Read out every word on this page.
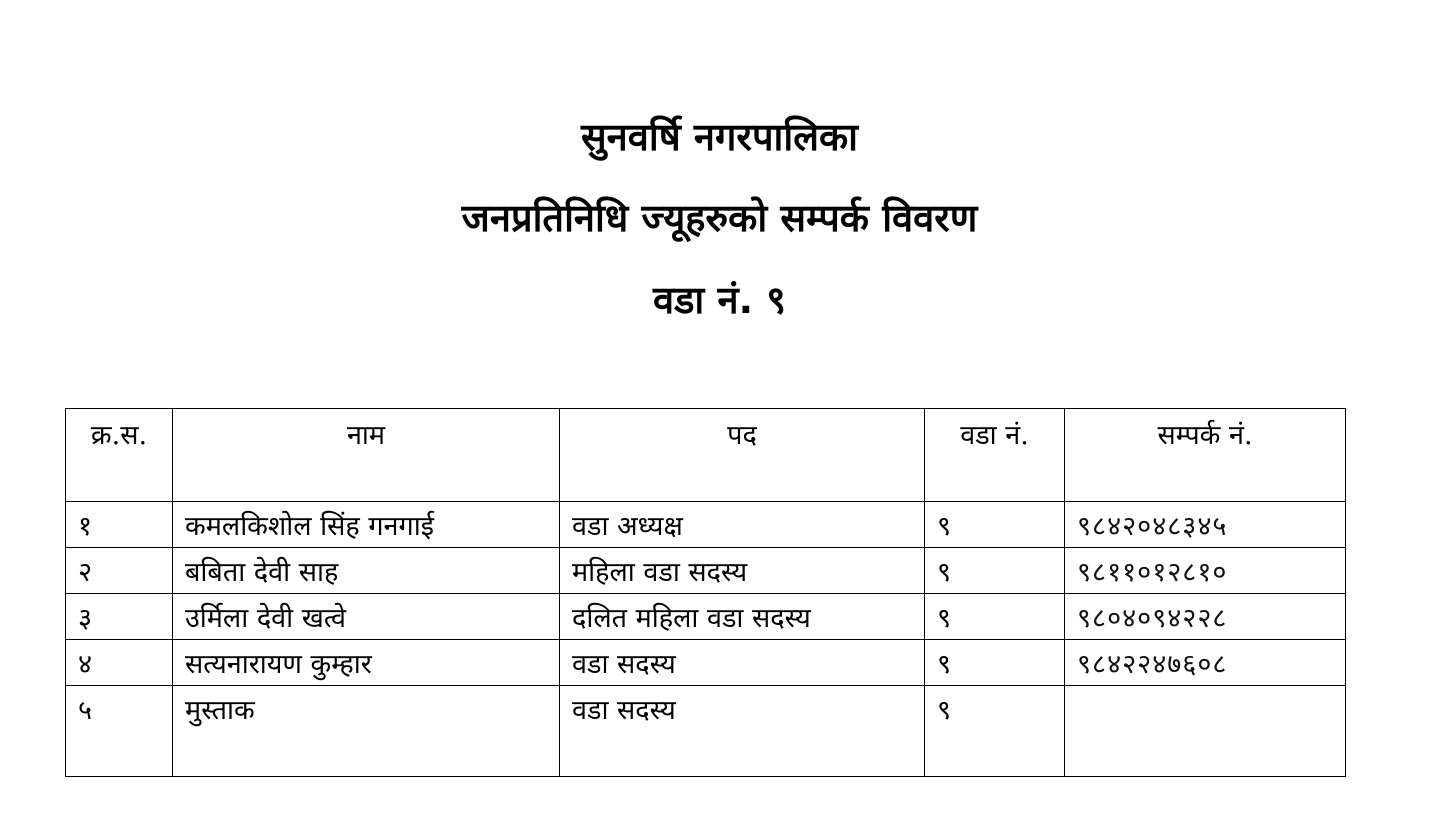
सुनवर्षि नगरपालिका
जनप्रतिनिधि ज्यूहरुको सम्पर्क विवरण
वडा नं. ९
क्र.स.	नाम	पद	वडा नं.	सम्पर्क नं.
१	कमलकिशोल सिंह गनगाई	वडा अध्यक्ष	९	९८४२०४८३४५
२	बबिता देवी साह	महिला वडा सदस्य	९	९८११०१२८१०
३	उर्मिला देवी खत्वे	दलित महिला वडा सदस्य	९	९८०४०९४२२८
४	सत्यनारायण कुम्हार	वडा सदस्य	९	९८४२२४७६०८
५	मुस्ताक	वडा सदस्य	९	
